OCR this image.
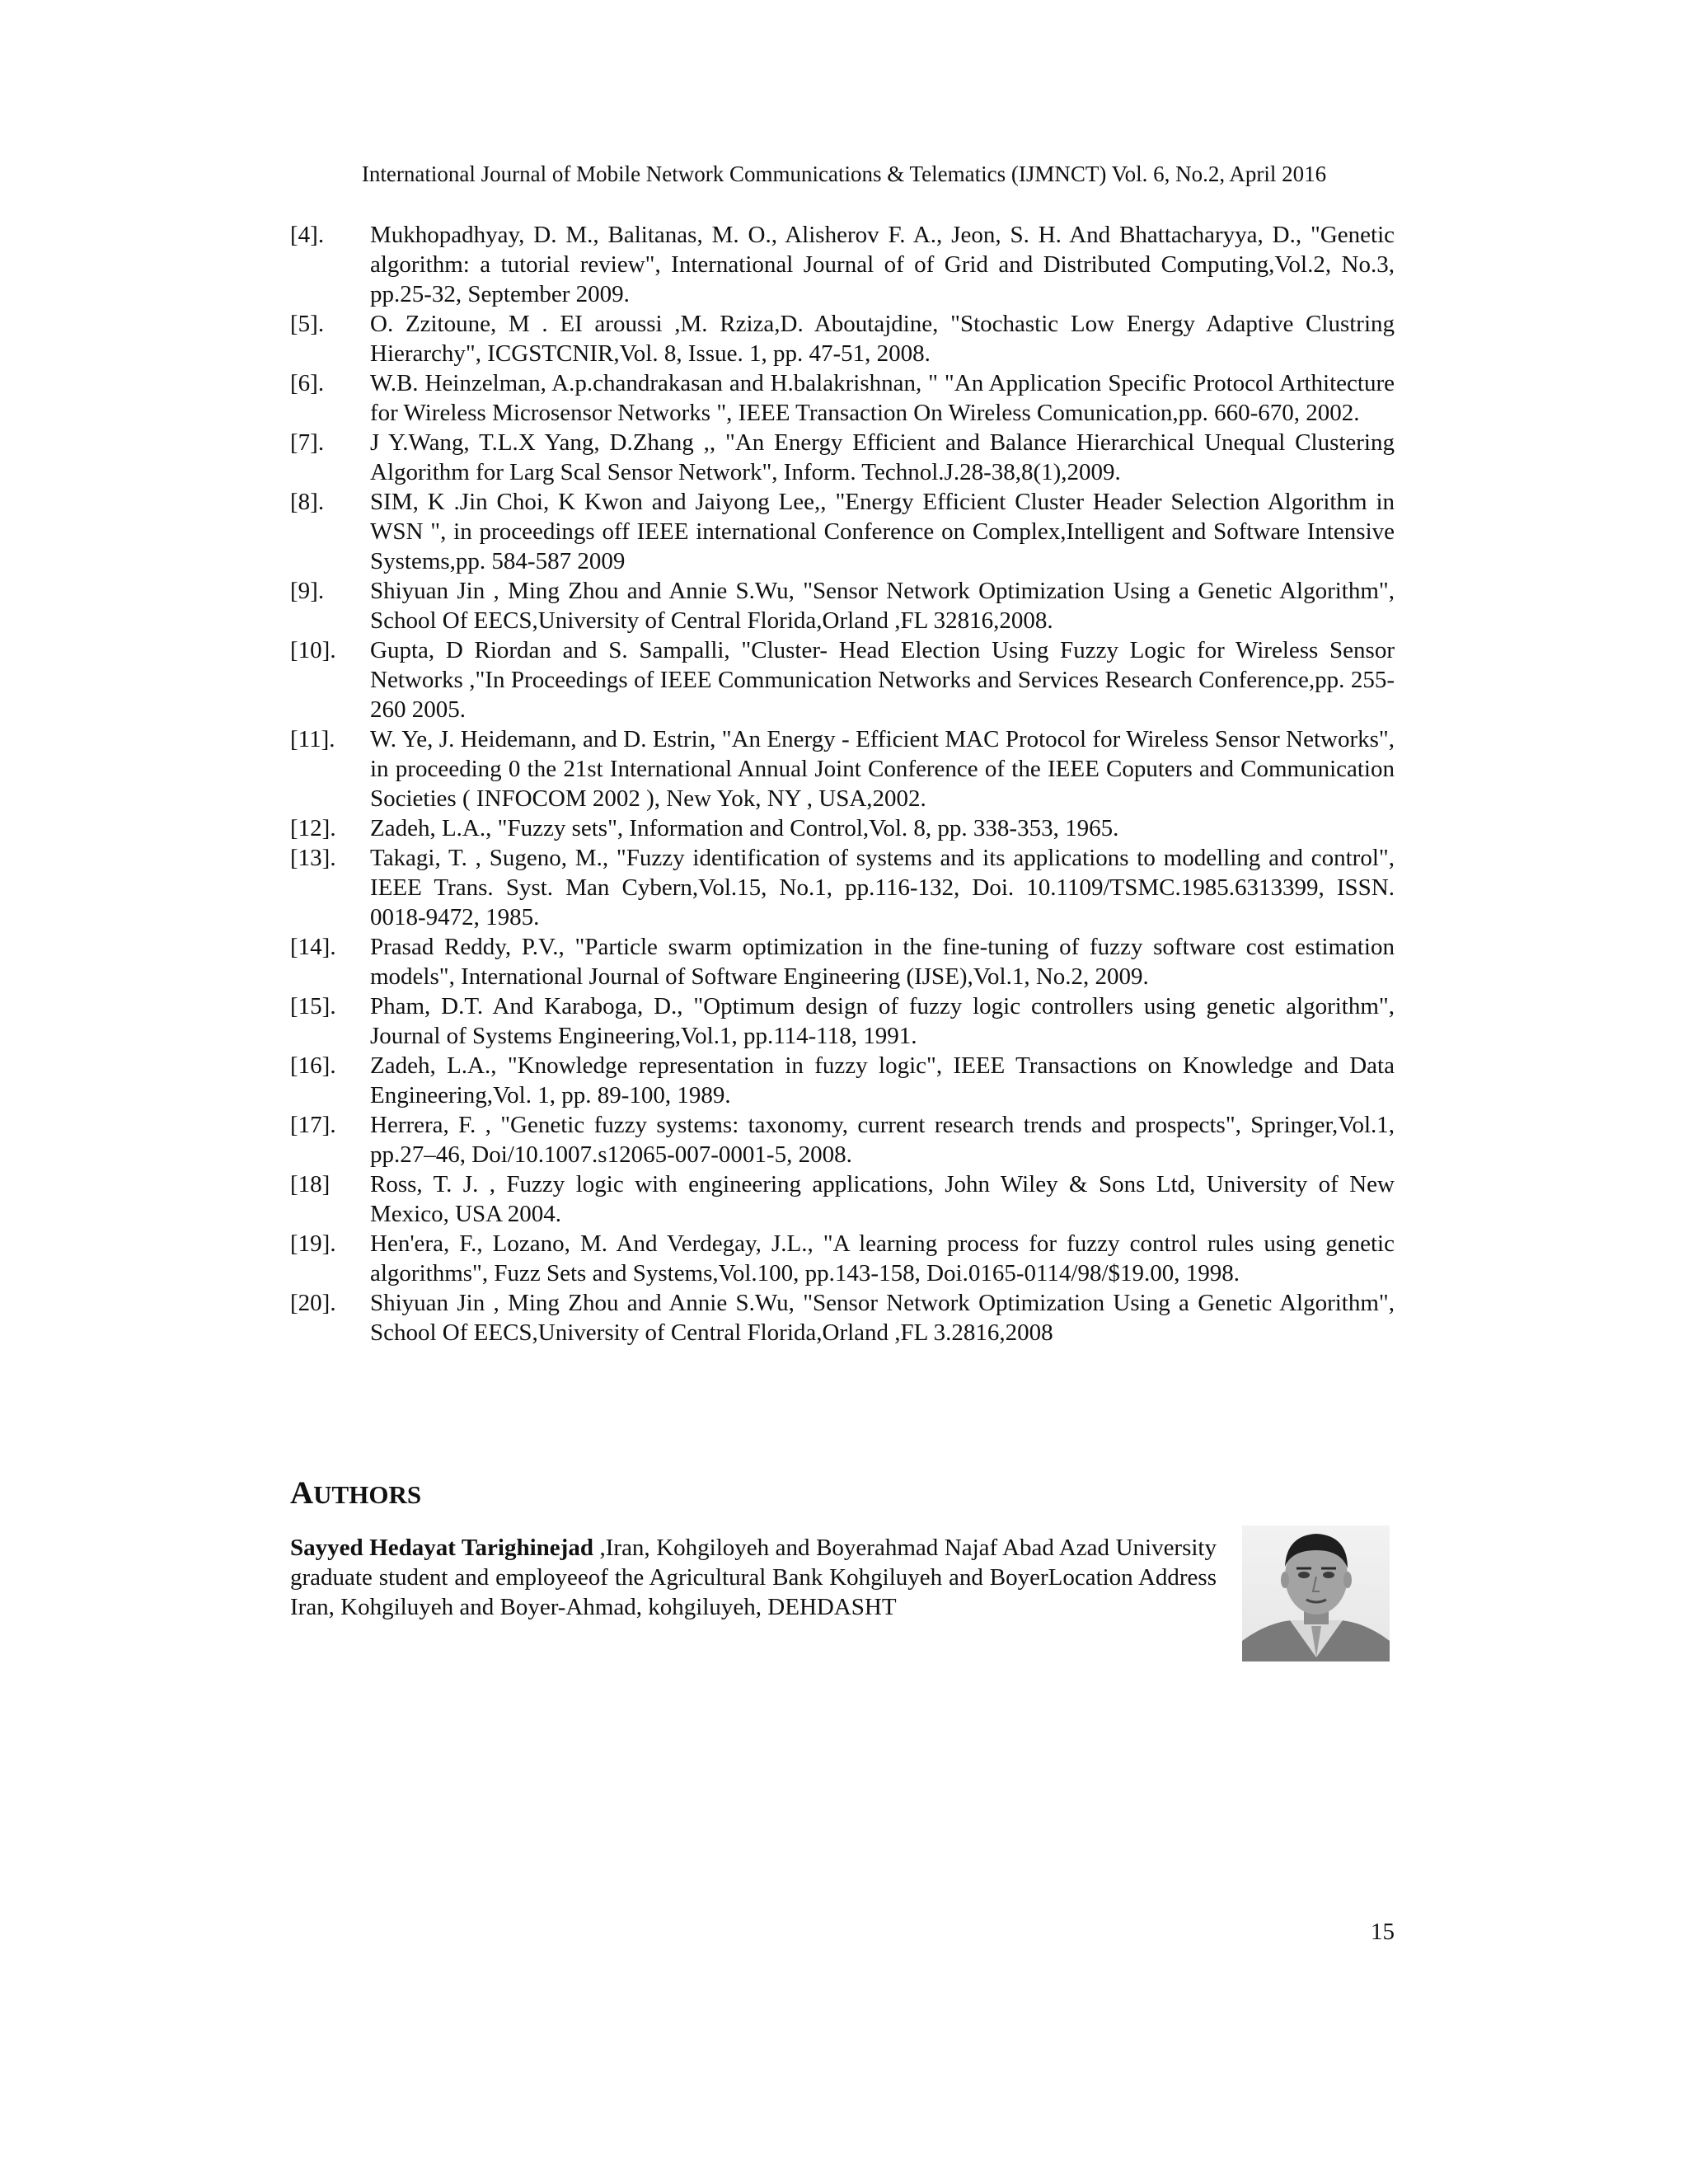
International Journal of Mobile Network Communications & Telematics (IJMNCT) Vol. 6, No.2, April 2016
[4]. Mukhopadhyay, D. M., Balitanas, M. O., Alisherov F. A., Jeon, S. H. And Bhattacharyya, D., "Genetic algorithm: a tutorial review", International Journal of of Grid and Distributed Computing,Vol.2, No.3, pp.25-32, September 2009.
[5]. O. Zzitoune, M . EI aroussi ,M. Rziza,D. Aboutajdine, "Stochastic Low Energy Adaptive Clustring Hierarchy", ICGSTCNIR,Vol. 8, Issue. 1, pp. 47-51, 2008.
[6]. W.B. Heinzelman, A.p.chandrakasan and H.balakrishnan, " "An Application Specific Protocol Arthitecture for Wireless Microsensor Networks ", IEEE Transaction On Wireless Comunication,pp. 660-670, 2002.
[7]. J Y.Wang, T.L.X Yang, D.Zhang ,, "An Energy Efficient and Balance Hierarchical Unequal Clustering Algorithm for Larg Scal Sensor Network", Inform. Technol.J.28-38,8(1),2009.
[8]. SIM, K .Jin Choi, K Kwon and Jaiyong Lee,, "Energy Efficient Cluster Header Selection Algorithm in WSN ", in proceedings off IEEE international Conference on Complex,Intelligent and Software Intensive Systems,pp. 584-587 2009
[9]. Shiyuan Jin , Ming Zhou and Annie S.Wu, "Sensor Network Optimization Using a Genetic Algorithm", School Of EECS,University of Central Florida,Orland ,FL 32816,2008.
[10]. Gupta, D Riordan and S. Sampalli, "Cluster- Head Election Using Fuzzy Logic for Wireless Sensor Networks ,"In Proceedings of IEEE Communication Networks and Services Research Conference,pp. 255-260 2005.
[11]. W. Ye, J. Heidemann, and D. Estrin, "An Energy - Efficient MAC Protocol for Wireless Sensor Networks", in proceeding 0 the 21st International Annual Joint Conference of the IEEE Coputers and Communication Societies ( INFOCOM 2002 ), New Yok, NY , USA,2002.
[12]. Zadeh, L.A., "Fuzzy sets", Information and Control,Vol. 8, pp. 338-353, 1965.
[13]. Takagi, T. , Sugeno, M., "Fuzzy identification of systems and its applications to modelling and control", IEEE Trans. Syst. Man Cybern,Vol.15, No.1, pp.116-132, Doi. 10.1109/TSMC.1985.6313399, ISSN. 0018-9472, 1985.
[14]. Prasad Reddy, P.V., "Particle swarm optimization in the fine-tuning of fuzzy software cost estimation models", International Journal of Software Engineering (IJSE),Vol.1, No.2, 2009.
[15]. Pham, D.T. And Karaboga, D., "Optimum design of fuzzy logic controllers using genetic algorithm", Journal of Systems Engineering,Vol.1, pp.114-118, 1991.
[16]. Zadeh, L.A., "Knowledge representation in fuzzy logic", IEEE Transactions on Knowledge and Data Engineering,Vol. 1, pp. 89-100, 1989.
[17]. Herrera, F. , "Genetic fuzzy systems: taxonomy, current research trends and prospects", Springer,Vol.1, pp.27–46, Doi/10.1007.s12065-007-0001-5, 2008.
[18] Ross, T. J. , Fuzzy logic with engineering applications, John Wiley & Sons Ltd, University of New Mexico, USA 2004.
[19]. Hen'era, F., Lozano, M. And Verdegay, J.L., "A learning process for fuzzy control rules using genetic algorithms", Fuzz Sets and Systems,Vol.100, pp.143-158, Doi.0165-0114/98/$19.00, 1998.
[20]. Shiyuan Jin , Ming Zhou and Annie S.Wu, "Sensor Network Optimization Using a Genetic Algorithm", School Of EECS,University of Central Florida,Orland ,FL 3.2816,2008
AUTHORS
Sayyed Hedayat Tarighinejad ,Iran, Kohgiloyeh and Boyerahmad Najaf Abad Azad University graduate student and employeeof the Agricultural Bank Kohgiluyeh and BoyerLocation Address Iran, Kohgiluyeh and Boyer-Ahmad, kohgiluyeh, DEHDASHT
15
